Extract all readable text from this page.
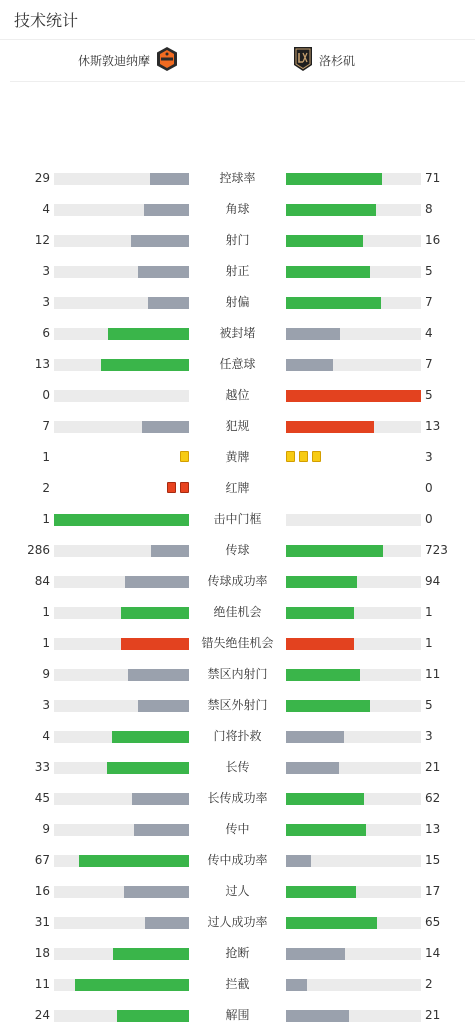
技术统计
休斯敦迪纳摩	洛杉矶
29	控球率	71
4	角球	8
12	射门	16
3	射正	5
3	射偏	7
6	被封堵	4
13	任意球	7
0	越位	5
7	犯规	13
1	黄牌	3
2	红牌	0
1	击中门框	0
286	传球	723
84	传球成功率	94
1	绝佳机会	1
1	错失绝佳机会	1
9	禁区内射门	11
3	禁区外射门	5
4	门将扑救	3
33	长传	21
45	长传成功率	62
9	传中	13
67	传中成功率	15
16	过人	17
31	过人成功率	65
18	抢断	14
11	拦截	2
24	解围	21
